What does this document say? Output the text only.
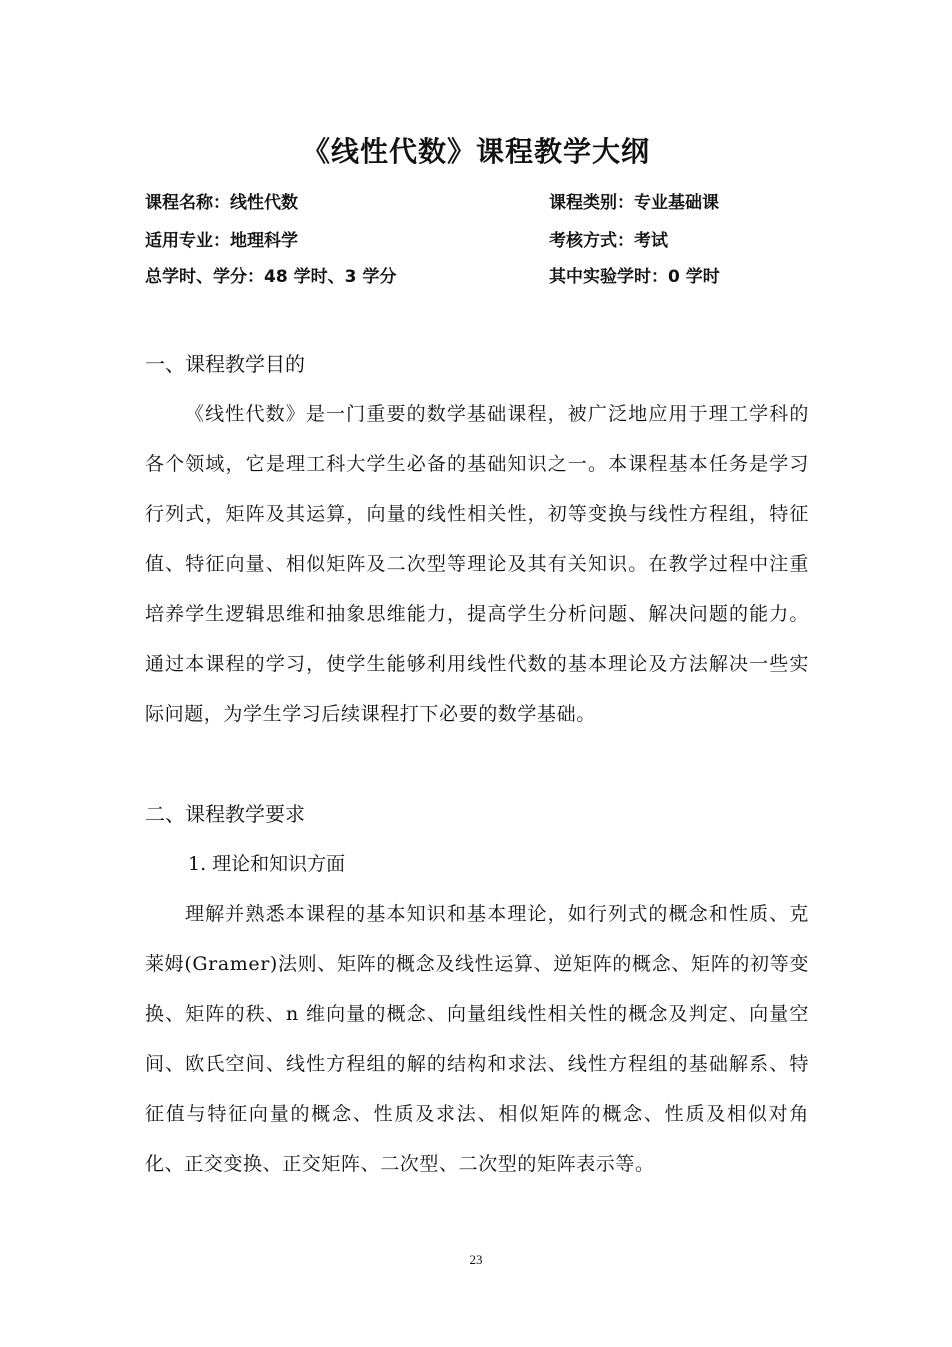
《线性代数》课程教学大纲
课程名称：线性代数	课程类别：专业基础课
适用专业：地理科学	考核方式：考试
总学时、学分：48 学时、3 学分	其中实验学时：0 学时
一、课程教学目的
《线性代数》是一门重要的数学基础课程，被广泛地应用于理工学科的各个领域，它是理工科大学生必备的基础知识之一。本课程基本任务是学习行列式，矩阵及其运算，向量的线性相关性，初等变换与线性方程组，特征值、特征向量、相似矩阵及二次型等理论及其有关知识。在教学过程中注重培养学生逻辑思维和抽象思维能力，提高学生分析问题、解决问题的能力。通过本课程的学习，使学生能够利用线性代数的基本理论及方法解决一些实际问题，为学生学习后续课程打下必要的数学基础。
二、课程教学要求
1. 理论和知识方面
理解并熟悉本课程的基本知识和基本理论，如行列式的概念和性质、克莱姆(Gramer)法则、矩阵的概念及线性运算、逆矩阵的概念、矩阵的初等变换、矩阵的秩、n 维向量的概念、向量组线性相关性的概念及判定、向量空间、欧氏空间、线性方程组的解的结构和求法、线性方程组的基础解系、特征值与特征向量的概念、性质及求法、相似矩阵的概念、性质及相似对角化、正交变换、正交矩阵、二次型、二次型的矩阵表示等。
23
